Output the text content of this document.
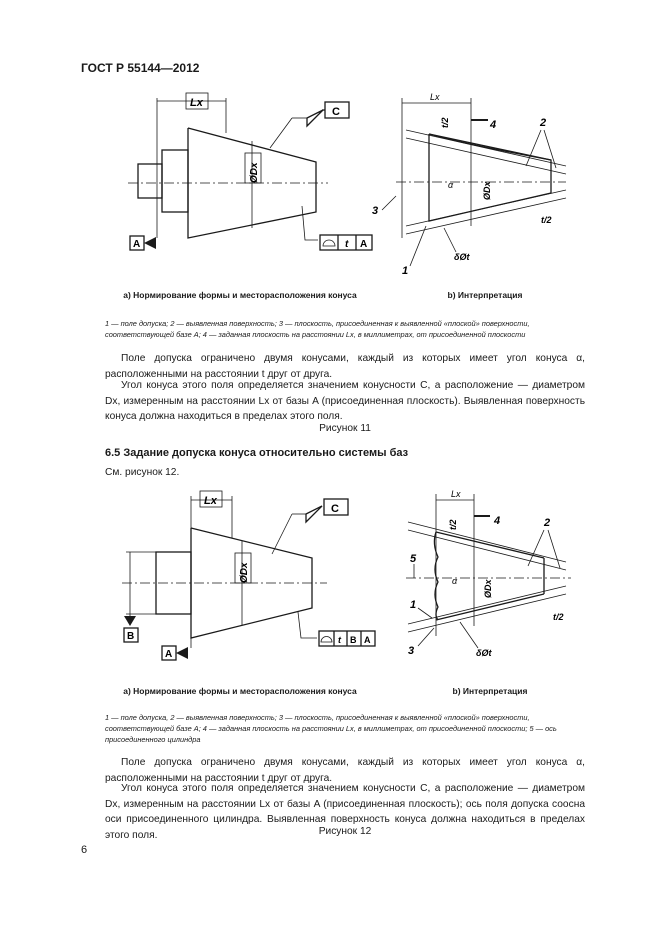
ГОСТ Р 55144—2012
Lx
C
ØDx
A	t A
Lx
4
α	ØDx
t/2
t/2
2
3
1
δØt
a) Нормирование формы и месторасположения конуса	b) Интерпретация
1 — поле допуска; 2 — выявленная поверхность; 3 — плоскость, присоединенная к выявленной «плоской» поверхности, соответствующей базе A; 4 — заданная плоскость на расстоянии Lx, в миллиметрах, от присоединенной плоскости
Поле допуска ограничено двумя конусами, каждый из которых имеет угол конуса α, расположенными на расстоянии t друг от друга.
Угол конуса этого поля определяется значением конусности C, а расположение — диаметром Dx, измеренным на расстоянии Lx от базы A (присоединенная плоскость). Выявленная поверхность конуса должна находиться в пределах этого поля.
Рисунок 11
6.5 Задание допуска конуса относительно системы баз
См. рисунок 12.
Lx
C
B
ØDx
A
t B A
Lx
4
α	ØDx
t/2
t/2
2
5
1
3	δØt
a) Нормирование формы и месторасположения конуса	b) Интерпретация
1 — поле допуска, 2 — выявленная поверхность; 3 — плоскость, присоединенная к выявленной «плоской» поверхности, соответствующей базе A; 4 — заданная плоскость на расстоянии Lx, в миллиметрах, от присоединенной плоскости; 5 — ось присоединенного цилиндра
Поле допуска ограничено двумя конусами, каждый из которых имеет угол конуса α, расположенными на расстоянии t друг от друга.
Угол конуса этого поля определяется значением конусности C, а расположение — диаметром Dx, измеренным на расстоянии Lx от базы A (присоединенная плоскость); ось поля допуска соосна оси присоединенного цилиндра. Выявленная поверхность конуса должна находиться в пределах этого поля.	Рисунок 12
6
